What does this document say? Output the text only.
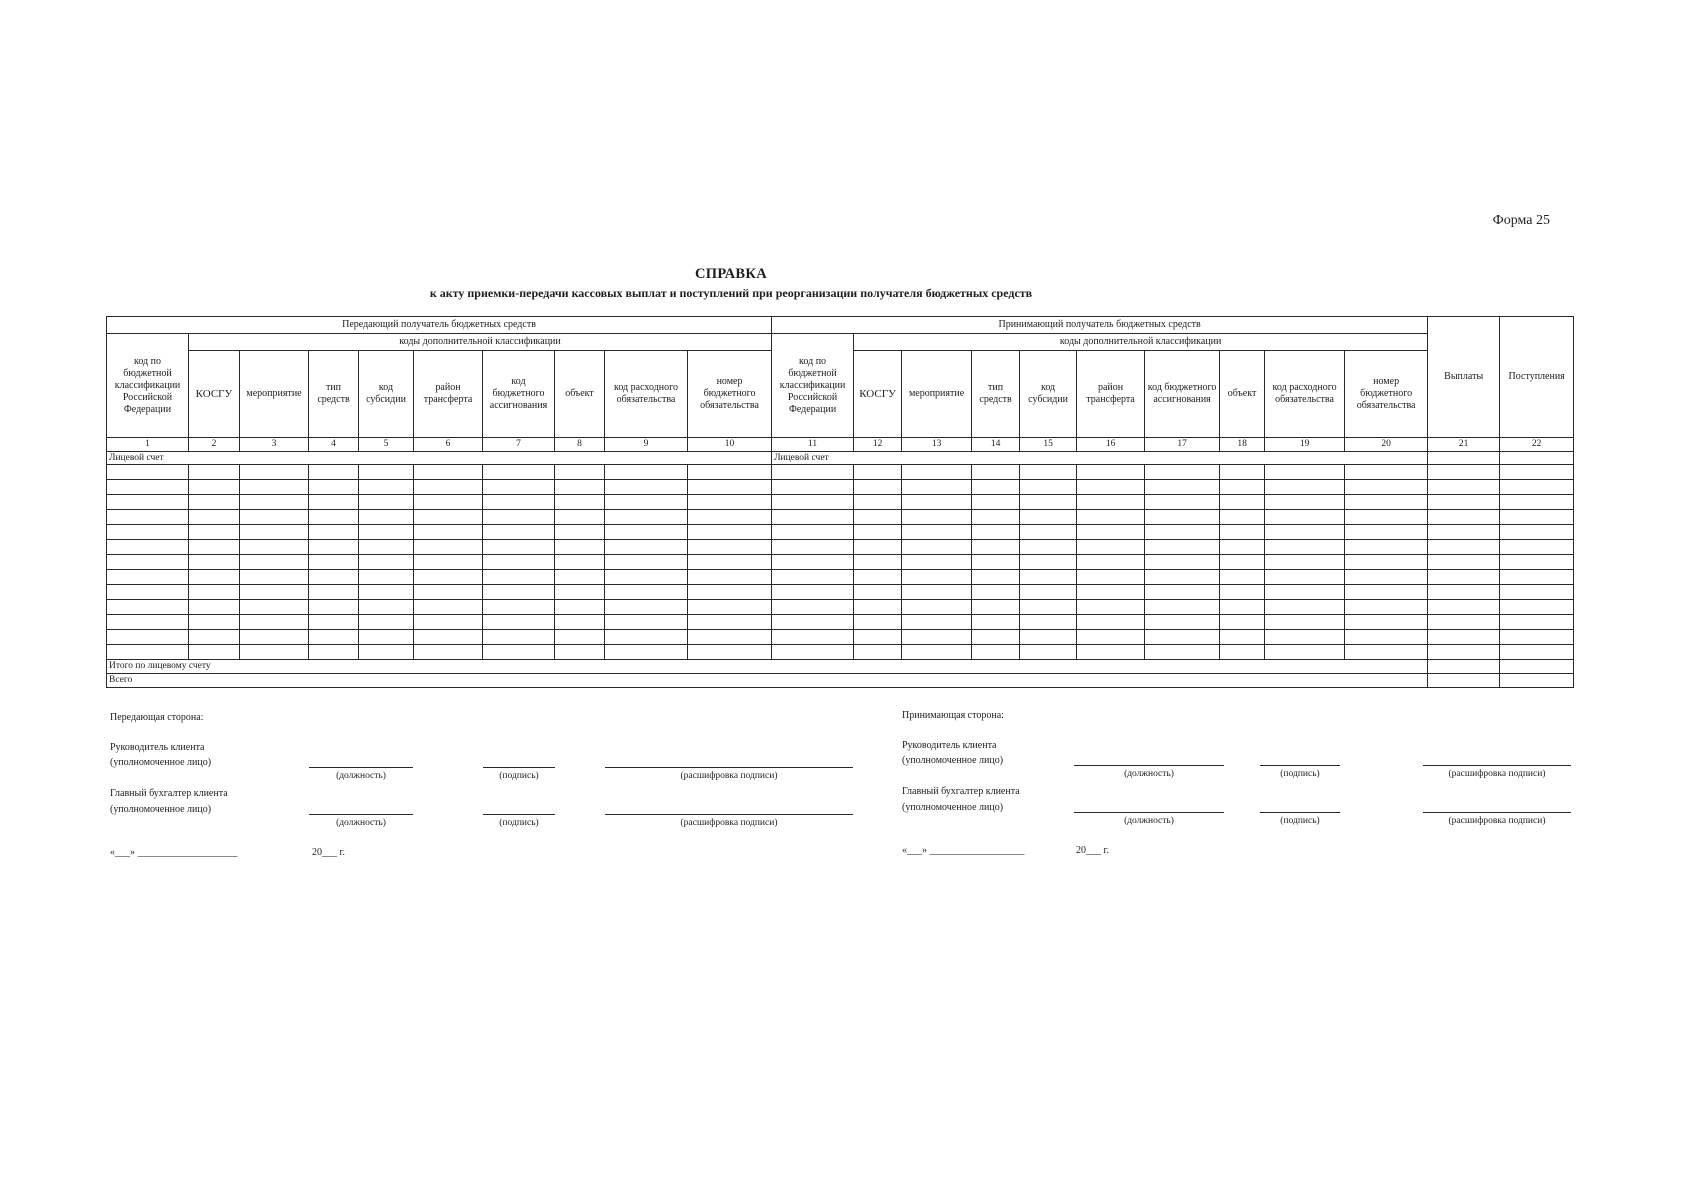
Форма 25
СПРАВКА
к акту приемки-передачи кассовых выплат и поступлений при реорганизации получателя бюджетных средств
Передающий получатель бюджетных средств										Принимающий получатель бюджетных средств										Выплаты	Поступления
код по бюджетной классификации Российской Федерации	коды дополнительной классификации									код по бюджетной классификации Российской Федерации	коды дополнительной классификации										
	КОСГУ	мероприятие	тип средств	код субсидии	район трансферта	код бюджетного ассигнования	объект	код расходного обязательства	номер бюджетного обязательства		КОСГУ	мероприятие	тип средств	код субсидии	район трансферта	код бюджетного ассигнования	объект	код расходного обязательства	номер бюджетного обязательства		
1	2	3	4	5	6	7	8	9	10	11	12	13	14	15	16	17	18	19	20	21	22
Лицевой счет										Лицевой счет											

Итого по лицевому счету																					
Всего																					
Передающая сторона:
Руководитель клиента
(уполномоченное лицо)
(должность)	(подпись)	(расшифровка подписи)
Главный бухгалтер клиента
(уполномоченное лицо)
(должность)	(подпись)	(расшифровка подписи)
«___» ____________________	20___ г.
Принимающая сторона:
Руководитель клиента
(уполномоченное лицо)
(должность)	(подпись)	(расшифровка подписи)
Главный бухгалтер клиента
(уполномоченное лицо)
(должность)	(подпись)	(расшифровка подписи)
«___» ___________________	20___ г.
